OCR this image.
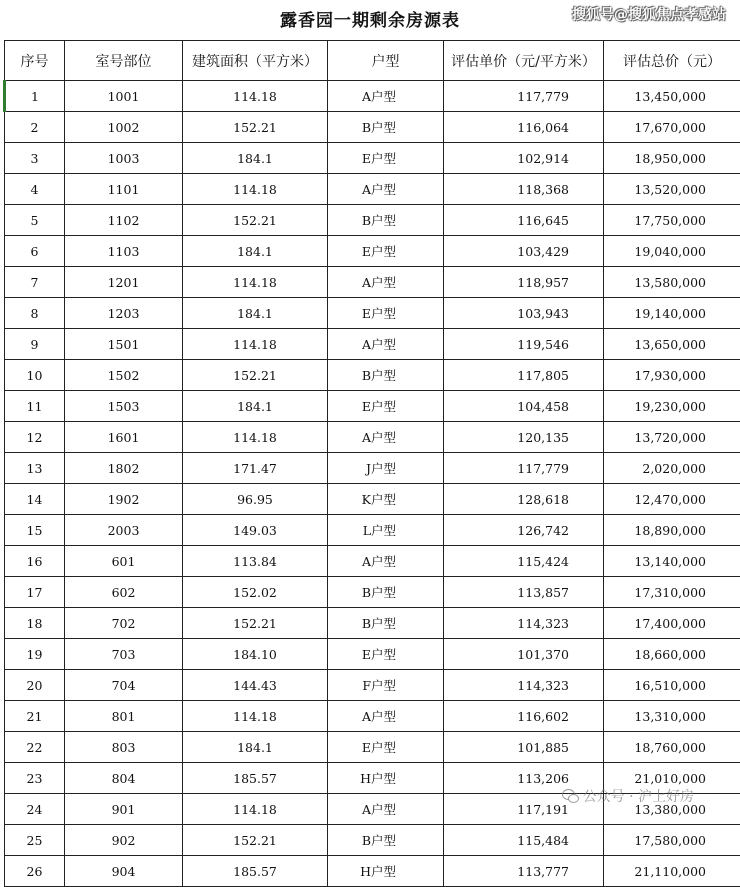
露香园一期剩余房源表	搜狐号@搜狐焦点孝感站
序号	室号部位	建筑面积（平方米）	户型	评估单价（元/平方米）	评估总价（元）
1	1001	114.18	A户型	117,779	13,450,000
2	1002	152.21	B户型	116,064	17,670,000
3	1003	184.1	E户型	102,914	18,950,000
4	1101	114.18	A户型	118,368	13,520,000
5	1102	152.21	B户型	116,645	17,750,000
6	1103	184.1	E户型	103,429	19,040,000
7	1201	114.18	A户型	118,957	13,580,000
8	1203	184.1	E户型	103,943	19,140,000
9	1501	114.18	A户型	119,546	13,650,000
10	1502	152.21	B户型	117,805	17,930,000
11	1503	184.1	E户型	104,458	19,230,000
12	1601	114.18	A户型	120,135	13,720,000
13	1802	171.47	J户型	117,779	2,020,000
14	1902	96.95	K户型	128,618	12,470,000
15	2003	149.03	L户型	126,742	18,890,000
16	601	113.84	A户型	115,424	13,140,000
17	602	152.02	B户型	113,857	17,310,000
18	702	152.21	B户型	114,323	17,400,000
19	703	184.10	E户型	101,370	18,660,000
20	704	144.43	F户型	114,323	16,510,000
21	801	114.18	A户型	116,602	13,310,000
22	803	184.1	E户型	101,885	18,760,000
23	804	185.57	H户型	113,206	21,010,000
24	901	114.18	A户型	117,191	13,380,000
25	902	152.21	B户型	115,484	17,580,000
26	904	185.57	H户型	113,777	21,110,000
公众号 · 沪上好房
